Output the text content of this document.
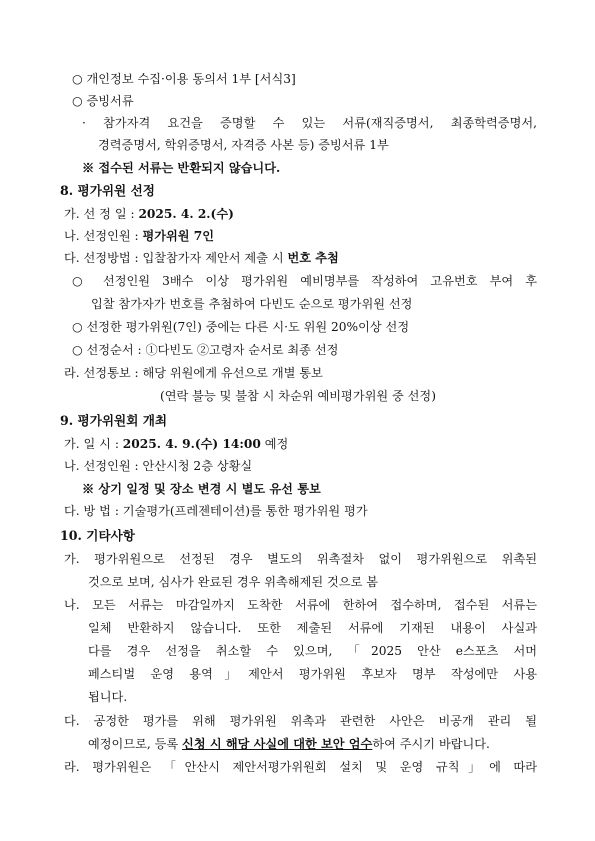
○ 개인정보 수집·이용 동의서 1부 [서식3]
○ 증빙서류
· 참가자격 요건을 증명할 수 있는 서류(재직증명서, 최종학력증명서,
경력증명서, 학위증명서, 자격증 사본 등) 증빙서류 1부
※ 접수된 서류는 반환되지 않습니다.
8. 평가위원 선정
가. 선 정 일 : 2025. 4. 2.(수)
나. 선정인원 : 평가위원 7인
다. 선정방법 : 입찰참가자 제안서 제출 시 번호 추첨
○ 선정인원 3배수 이상 평가위원 예비명부를 작성하여 고유번호 부여 후
입찰 참가자가 번호를 추첨하여 다빈도 순으로 평가위원 선정
○ 선정한 평가위원(7인) 중에는 다른 시·도 위원 20%이상 선정
○ 선정순서 : ①다빈도 ②고령자 순서로 최종 선정
라. 선정통보 : 해당 위원에게 유선으로 개별 통보
(연락 불능 및 불참 시 차순위 예비평가위원 중 선정)
9. 평가위원회 개최
가. 일 시 : 2025. 4. 9.(수) 14:00 예정
나. 선정인원 : 안산시청 2층 상황실
※ 상기 일정 및 장소 변경 시 별도 유선 통보
다. 방 법 : 기술평가(프레젠테이션)를 통한 평가위원 평가
10. 기타사항
가. 평가위원으로 선정된 경우 별도의 위촉절차 없이 평가위원으로 위촉된
것으로 보며, 심사가 완료된 경우 위촉해제된 것으로 봄
나. 모든 서류는 마감일까지 도착한 서류에 한하여 접수하며, 접수된 서류는
일체 반환하지 않습니다. 또한 제출된 서류에 기재된 내용이 사실과
다를 경우 선정을 취소할 수 있으며, 「2025 안산 e스포츠 서머
페스티벌 운영 용역」제안서 평가위원 후보자 명부 작성에만 사용
됩니다.
다. 공정한 평가를 위해 평가위원 위촉과 관련한 사안은 비공개 관리 될
예정이므로, 등록 신청 시 해당 사실에 대한 보안 엄수하여 주시기 바랍니다.
라. 평가위원은 「안산시 제안서평가위원회 설치 및 운영 규칙」에 따라
